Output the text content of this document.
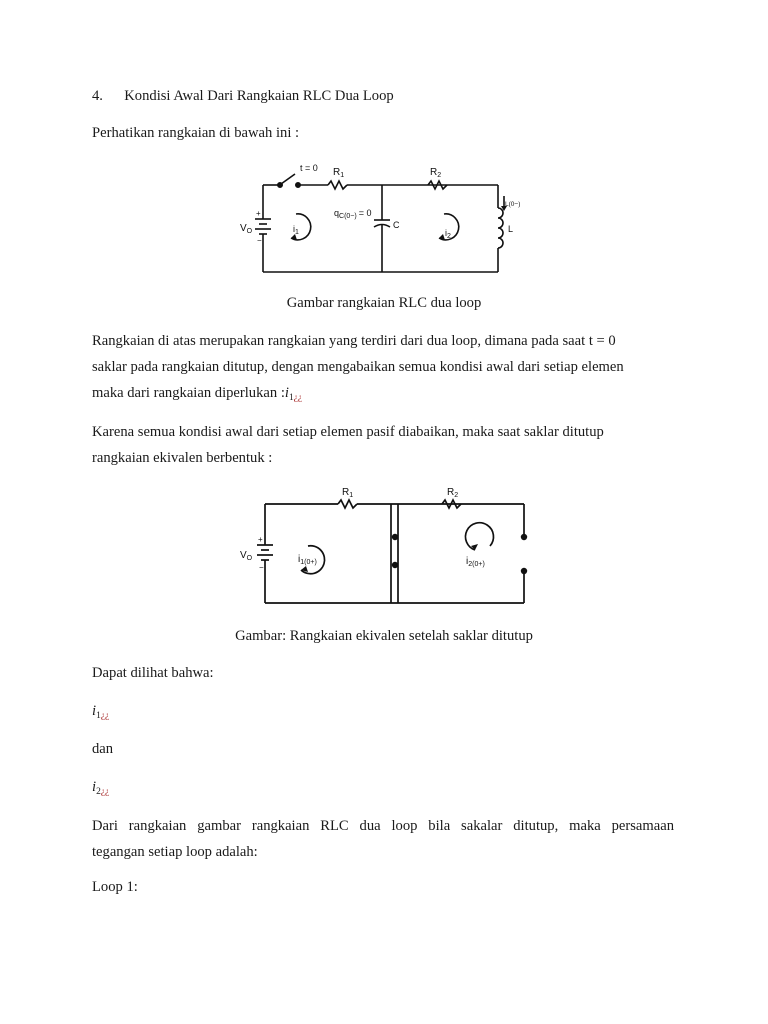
4. Kondisi Awal Dari Rangkaian RLC Dua Loop
Perhatikan rangkaian di bawah ini :
t = 0 $R_1$	$R_2$
$V_O$
+
−
$i_1$	$i_2$
$q_{C(0-)} = 0$
C
$i_{L(0-)}$
L
Gambar rangkaian RLC dua loop
Rangkaian di atas merupakan rangkaian yang terdiri dari dua loop, dimana pada saat t = 0
saklar pada rangkaian ditutup, dengan mengabaikan semua kondisi awal dari setiap elemen
maka dari rangkaian diperlukan $:i_{1¿¿}$
Karena semua kondisi awal dari setiap elemen pasif diabaikan, maka saat saklar ditutup
rangkaian ekivalen berbentuk :
$R_1$	$R_2$
$V_O$
+
−
$i_{1(0+)}$	$i_{2(0+)}$
Gambar: Rangkaian ekivalen setelah saklar ditutup
Dapat dilihat bahwa:
$i_{1¿¿}$
dan
$i_{2¿¿}$
Dari rangkaian gambar rangkaian RLC dua loop bila sakalar ditutup, maka persamaan
tegangan setiap loop adalah:
Loop 1:
